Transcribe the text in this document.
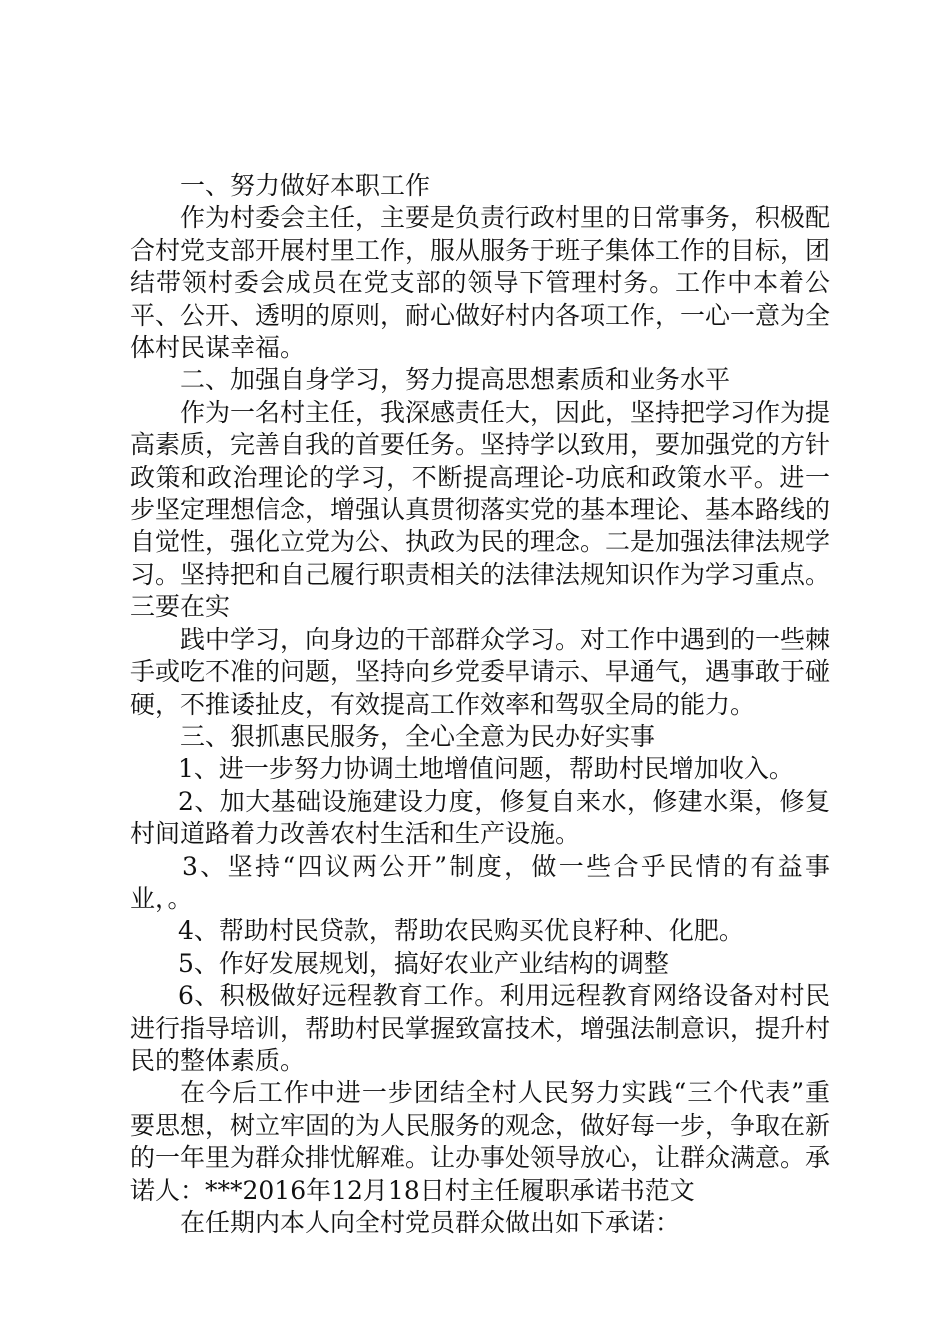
一、努力做好本职工作

作为村委会主任，主要是负责行政村里的日常事务，积极配合村党支部开展村里工作，服从服务于班子集体工作的目标，团结带领村委会成员在党支部的领导下管理村务。工作中本着公平、公开、透明的原则，耐心做好村内各项工作，一心一意为全体村民谋幸福。

二、加强自身学习，努力提高思想素质和业务水平

作为一名村主任，我深感责任大，因此，坚持把学习作为提高素质，完善自我的首要任务。坚持学以致用，要加强党的方针政策和政治理论的学习，不断提高理论-功底和政策水平。进一步坚定理想信念，增强认真贯彻落实党的基本理论、基本路线的自觉性，强化立党为公、执政为民的理念。二是加强法律法规学习。坚持把和自己履行职责相关的法律法规知识作为学习重点。三要在实

践中学习，向身边的干部群众学习。对工作中遇到的一些棘手或吃不准的问题，坚持向乡党委早请示、早通气，遇事敢于碰硬，不推诿扯皮，有效提高工作效率和驾驭全局的能力。

三、狠抓惠民服务，全心全意为民办好实事

1、进一步努力协调土地增值问题，帮助村民增加收入。

2、加大基础设施建设力度，修复自来水，修建水渠，修复村间道路着力改善农村生活和生产设施。

3、坚持“四议两公开”制度，做一些合乎民情的有益事业，。

4、帮助村民贷款，帮助农民购买优良籽种、化肥。

5、作好发展规划，搞好农业产业结构的调整

6、积极做好远程教育工作。利用远程教育网络设备对村民进行指导培训，帮助村民掌握致富技术，增强法制意识，提升村民的整体素质。

在今后工作中进一步团结全村人民努力实践“三个代表”重要思想，树立牢固的为人民服务的观念，做好每一步，争取在新的一年里为群众排忧解难。让办事处领导放心，让群众满意。承诺人：***2016年12月18日村主任履职承诺书范文

在任期内本人向全村党员群众做出如下承诺：
